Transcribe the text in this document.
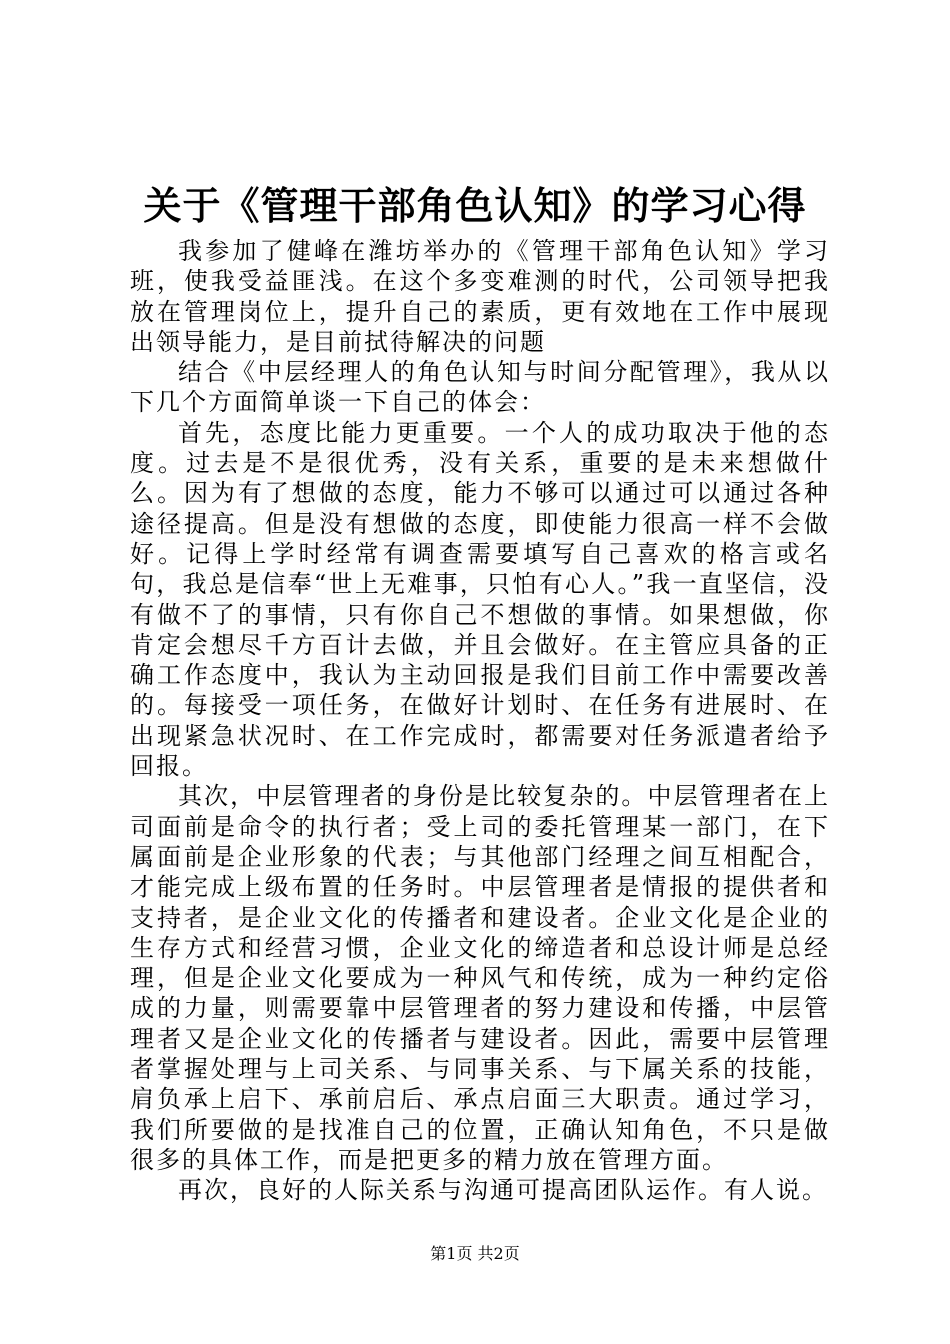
关于《管理干部角色认知》的学习心得

我参加了健峰在潍坊举办的《管理干部角色认知》学习班，使我受益匪浅。在这个多变难测的时代，公司领导把我放在管理岗位上，提升自己的素质，更有效地在工作中展现出领导能力，是目前拭待解决的问题

结合《中层经理人的角色认知与时间分配管理》，我从以下几个方面简单谈一下自己的体会：

首先，态度比能力更重要。一个人的成功取决于他的态度。过去是不是很优秀，没有关系，重要的是未来想做什么。因为有了想做的态度，能力不够可以通过可以通过各种途径提高。但是没有想做的态度，即使能力很高一样不会做好。记得上学时经常有调查需要填写自己喜欢的格言或名句，我总是信奉“世上无难事，只怕有心人。”我一直坚信，没有做不了的事情，只有你自己不想做的事情。如果想做，你肯定会想尽千方百计去做，并且会做好。在主管应具备的正确工作态度中，我认为主动回报是我们目前工作中需要改善的。每接受一项任务，在做好计划时、在任务有进展时、在出现紧急状况时、在工作完成时，都需要对任务派遣者给予回报。

其次，中层管理者的身份是比较复杂的。中层管理者在上司面前是命令的执行者；受上司的委托管理某一部门，在下属面前是企业形象的代表；与其他部门经理之间互相配合，才能完成上级布置的任务时。中层管理者是情报的提供者和支持者，是企业文化的传播者和建设者。企业文化是企业的生存方式和经营习惯，企业文化的缔造者和总设计师是总经理，但是企业文化要成为一种风气和传统，成为一种约定俗成的力量，则需要靠中层管理者的努力建设和传播，中层管理者又是企业文化的传播者与建设者。因此，需要中层管理者掌握处理与上司关系、与同事关系、与下属关系的技能，肩负承上启下、承前启后、承点启面三大职责。通过学习，我们所要做的是找准自己的位置，正确认知角色，不只是做很多的具体工作，而是把更多的精力放在管理方面。

再次，良好的人际关系与沟通可提高团队运作。有人说。

第1页 共2页
